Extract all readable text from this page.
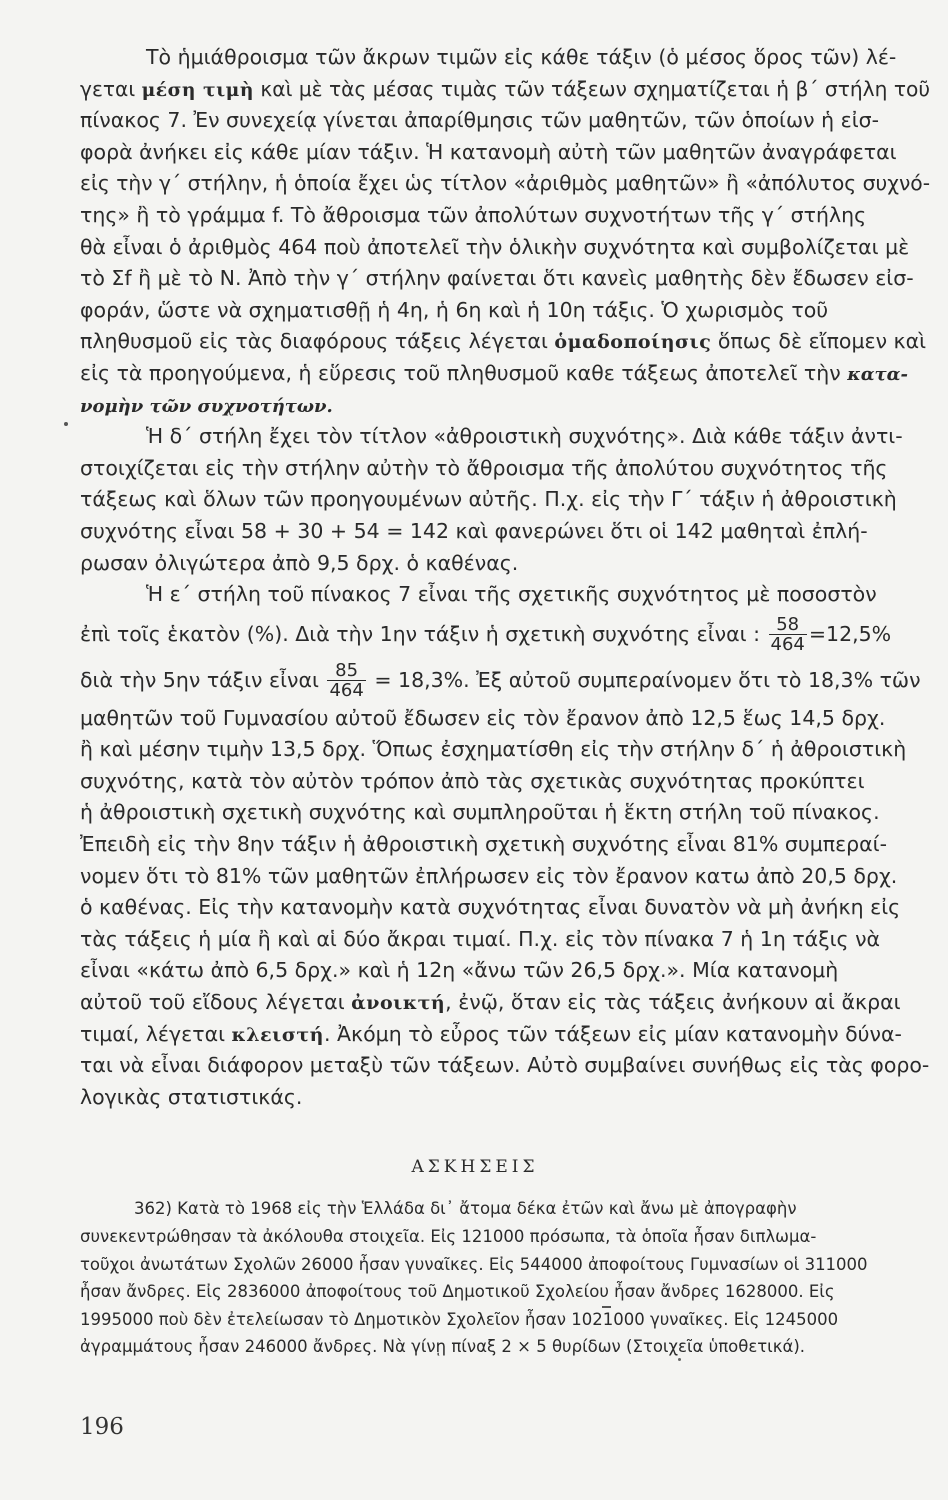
Τὸ ἡμιάθροισμα τῶν ἄκρων τιμῶν εἰς κάθε τάξιν (ὁ μέσος ὅρος τῶν) λέ-
γεται μέση τιμὴ καὶ μὲ τὰς μέσας τιμὰς τῶν τάξεων σχηματίζεται ἡ β΄ στήλη τοῦ
πίνακος 7. Ἐν συνεχείᾳ γίνεται ἀπαρίθμησις τῶν μαθητῶν, τῶν ὁποίων ἡ εἰσ-
φορὰ ἀνήκει εἰς κάθε μίαν τάξιν. Ἡ κατανομὴ αὐτὴ τῶν μαθητῶν ἀναγράφεται
εἰς τὴν γ΄ στήλην, ἡ ὁποία ἔχει ὡς τίτλον «ἀριθμὸς μαθητῶν» ἢ «ἀπόλυτος συχνό-
της» ἢ τὸ γράμμα f. Τὸ ἄθροισμα τῶν ἀπολύτων συχνοτήτων τῆς γ΄ στήλης
θὰ εἶναι ὁ ἀριθμὸς 464 ποὺ ἀποτελεῖ τὴν ὁλικὴν συχνότητα καὶ συμβολίζεται μὲ
τὸ Σf ἢ μὲ τὸ N. Ἀπὸ τὴν γ΄ στήλην φαίνεται ὅτι κανεὶς μαθητὴς δὲν ἔδωσεν εἰσ-
φοράν, ὥστε νὰ σχηματισθῇ ἡ 4η, ἡ 6η καὶ ἡ 10η τάξις. Ὁ χωρισμὸς τοῦ
πληθυσμοῦ εἰς τὰς διαφόρους τάξεις λέγεται ὁμαδοποίησις ὅπως δὲ εἴπομεν καὶ
εἰς τὰ προηγούμενα, ἡ εὕρεσις τοῦ πληθυσμοῦ καθε τάξεως ἀποτελεῖ τὴν κατα-
νομὴν τῶν συχνοτήτων.
Ἡ δ΄ στήλη ἔχει τὸν τίτλον «ἀθροιστικὴ συχνότης». Διὰ κάθε τάξιν ἀντι-
στοιχίζεται εἰς τὴν στήλην αὐτὴν τὸ ἄθροισμα τῆς ἀπολύτου συχνότητος τῆς
τάξεως καὶ ὅλων τῶν προηγουμένων αὐτῆς. Π.χ. εἰς τὴν Γ΄ τάξιν ἡ ἀθροιστικὴ
συχνότης εἶναι 58 + 30 + 54 = 142 καὶ φανερώνει ὅτι οἱ 142 μαθηταὶ ἐπλή-
ρωσαν ὀλιγώτερα ἀπὸ 9,5 δρχ. ὁ καθένας.
Ἡ ε΄ στήλη τοῦ πίνακος 7 εἶναι τῆς σχετικῆς συχνότητος μὲ ποσοστὸν
ἐπὶ τοῖς ἑκατὸν (%). Διὰ τὴν 1ην τάξιν ἡ σχετικὴ συχνότης εἶναι : $\frac{58}{464} =12,5\%$
διὰ τὴν 5ην τάξιν εἶναι $\frac{85}{464} = 18,3\%$. Ἐξ αὐτοῦ συμπεραίνομεν ὅτι τὸ 18,3% τῶν
μαθητῶν τοῦ Γυμνασίου αὐτοῦ ἔδωσεν εἰς τὸν ἔρανον ἀπὸ 12,5 ἕως 14,5 δρχ.
ἢ καὶ μέσην τιμὴν 13,5 δρχ. Ὅπως ἐσχηματίσθη εἰς τὴν στήλην δ΄ ἡ ἀθροιστικὴ
συχνότης, κατὰ τὸν αὐτὸν τρόπον ἀπὸ τὰς σχετικὰς συχνότητας προκύπτει
ἡ ἀθροιστικὴ σχετικὴ συχνότης καὶ συμπληροῦται ἡ ἕκτη στήλη τοῦ πίνακος.
Ἐπειδὴ εἰς τὴν 8ην τάξιν ἡ ἀθροιστικὴ σχετικὴ συχνότης εἶναι 81% συμπεραί-
νομεν ὅτι τὸ 81% τῶν μαθητῶν ἐπλήρωσεν εἰς τὸν ἔρανον κατω ἀπὸ 20,5 δρχ.
ὁ καθένας. Εἰς τὴν κατανομὴν κατὰ συχνότητας εἶναι δυνατὸν νὰ μὴ ἀνήκη εἰς
τὰς τάξεις ἡ μία ἢ καὶ αἱ δύο ἄκραι τιμαί. Π.χ. εἰς τὸν πίνακα 7 ἡ 1η τάξις νὰ
εἶναι «κάτω ἀπὸ 6,5 δρχ.» καὶ ἡ 12η «ἄνω τῶν 26,5 δρχ.». Μία κατανομὴ
αὐτοῦ τοῦ εἴδους λέγεται ἀνοικτή, ἐνῷ, ὅταν εἰς τὰς τάξεις ἀνήκουν αἱ ἄκραι
τιμαί, λέγεται κλειστή. Ἀκόμη τὸ εὖρος τῶν τάξεων εἰς μίαν κατανομὴν δύνα-
ται νὰ εἶναι διάφορον μεταξὺ τῶν τάξεων. Αὐτὸ συμβαίνει συνήθως εἰς τὰς φορο-
λογικὰς στατιστικάς.
ΑΣΚΗΣΕΙΣ
362) Κατὰ τὸ 1968 εἰς τὴν Ἑλλάδα δι᾿ ἄτομα δέκα ἐτῶν καὶ ἄνω μὲ ἀπογραφὴν
συνεκεντρώθησαν τὰ ἀκόλουθα στοιχεῖα. Εἰς 121000 πρόσωπα, τὰ ὁποῖα ἦσαν διπλωμα-
τοῦχοι ἀνωτάτων Σχολῶν 26000 ἦσαν γυναῖκες. Εἰς 544000 ἀποφοίτους Γυμνασίων οἱ 311000
ἦσαν ἄνδρες. Εἰς 2836000 ἀποφοίτους τοῦ Δημοτικοῦ Σχολείου ἦσαν ἄνδρες 1628000. Εἰς
1995000 ποὺ δὲν ἐτελείωσαν τὸ Δημοτικὸν Σχολεῖον ἦσαν 1021000 γυναῖκες. Εἰς 1245000
ἀγραμμάτους ἦσαν 246000 ἄνδρες. Νὰ γίνῃ πίναξ 2 × 5 θυρίδων (Στοιχεῖα ὑποθετικά).
196
